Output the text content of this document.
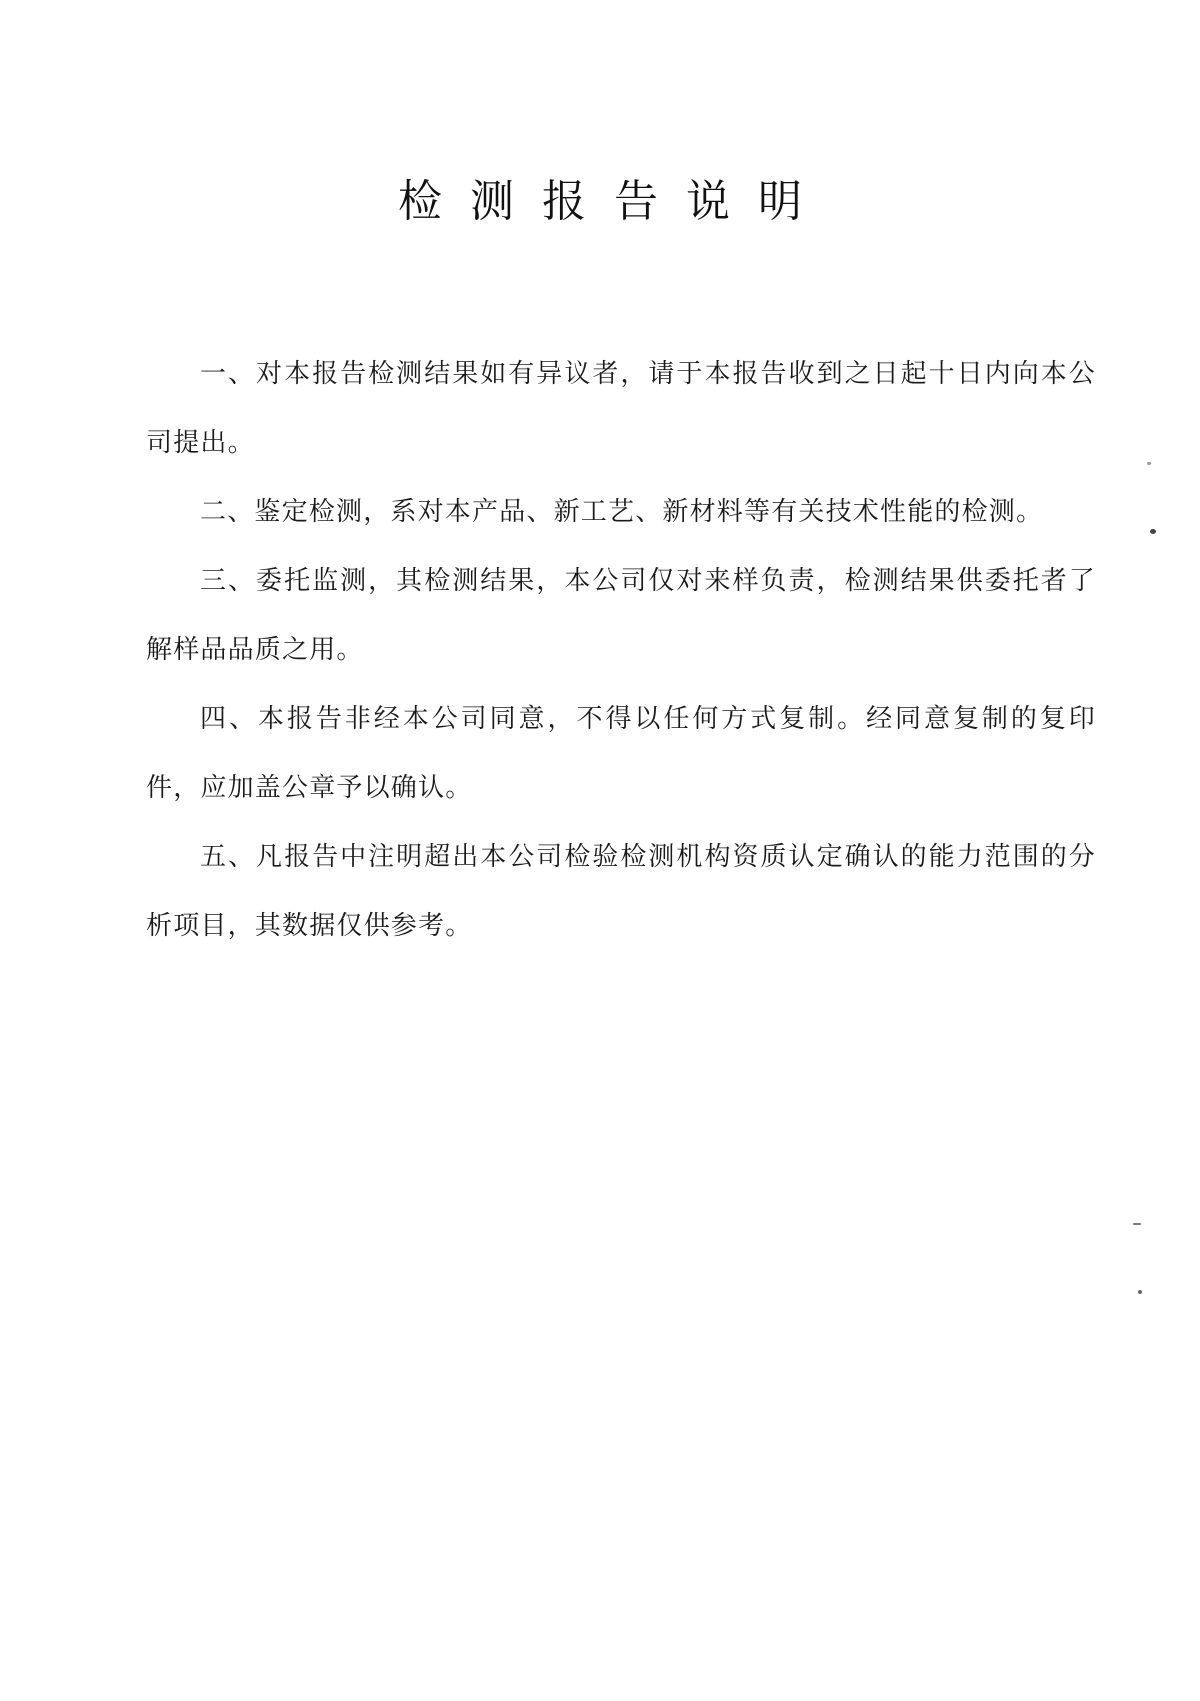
检测报告说明

一、对本报告检测结果如有异议者，请于本报告收到之日起十日内向本公司提出。

二、鉴定检测，系对本产品、新工艺、新材料等有关技术性能的检测。

三、委托监测，其检测结果，本公司仅对来样负责，检测结果供委托者了解样品品质之用。

四、本报告非经本公司同意，不得以任何方式复制。经同意复制的复印件，应加盖公章予以确认。

五、凡报告中注明超出本公司检验检测机构资质认定确认的能力范围的分析项目，其数据仅供参考。
